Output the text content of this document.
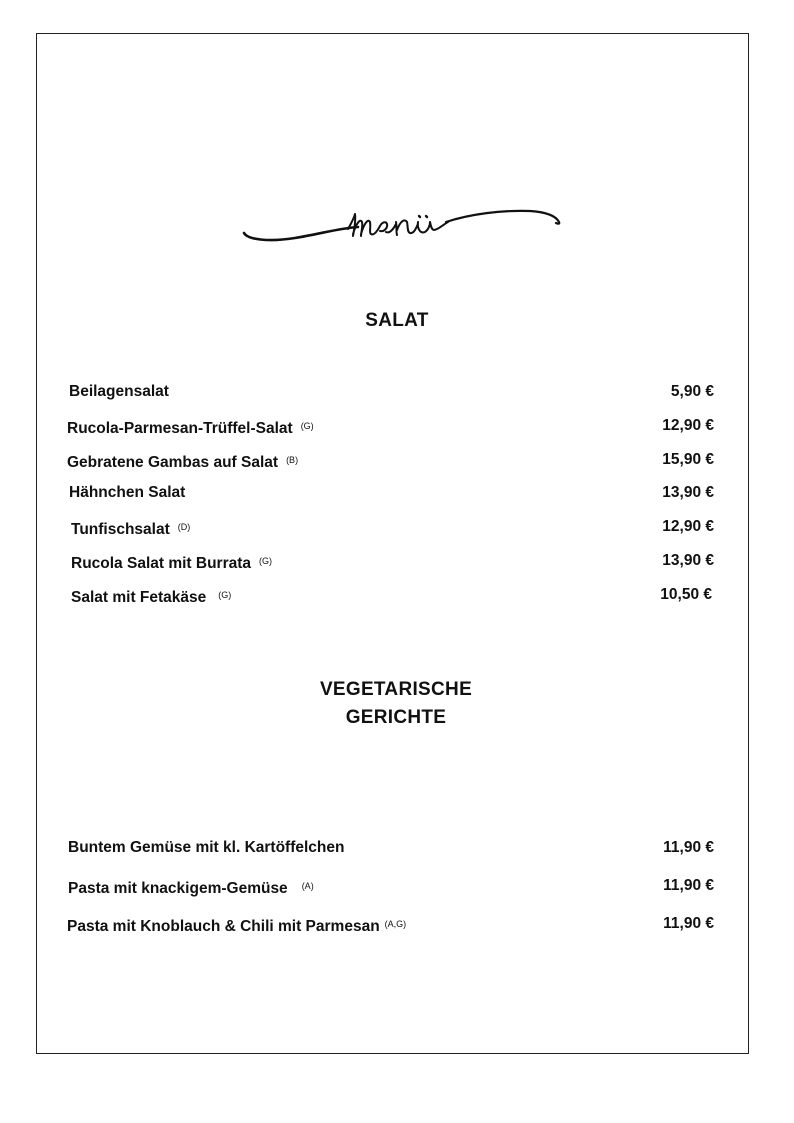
SALAT
Beilagensalat	5,90 €
Rucola-Parmesan-Trüffel-Salat $^{(G)}$	12,90 €
Gebratene Gambas auf Salat $^{(B)}$	15,90 €
Hähnchen Salat	13,90 €
Tunfischsalat $^{(D)}$	12,90 €
Rucola Salat mit Burrata $^{(G)}$	13,90 €
Salat mit Fetakäse $^{(G)}$	10,50 €
VEGETARISCHE
GERICHTE
Buntem Gemüse mit kl. Kartöffelchen	11,90 €
Pasta mit knackigem-Gemüse $^{(A)}$	11,90 €
Pasta mit Knoblauch & Chili mit Parmesan $^{(A,G)}$	11,90 €
